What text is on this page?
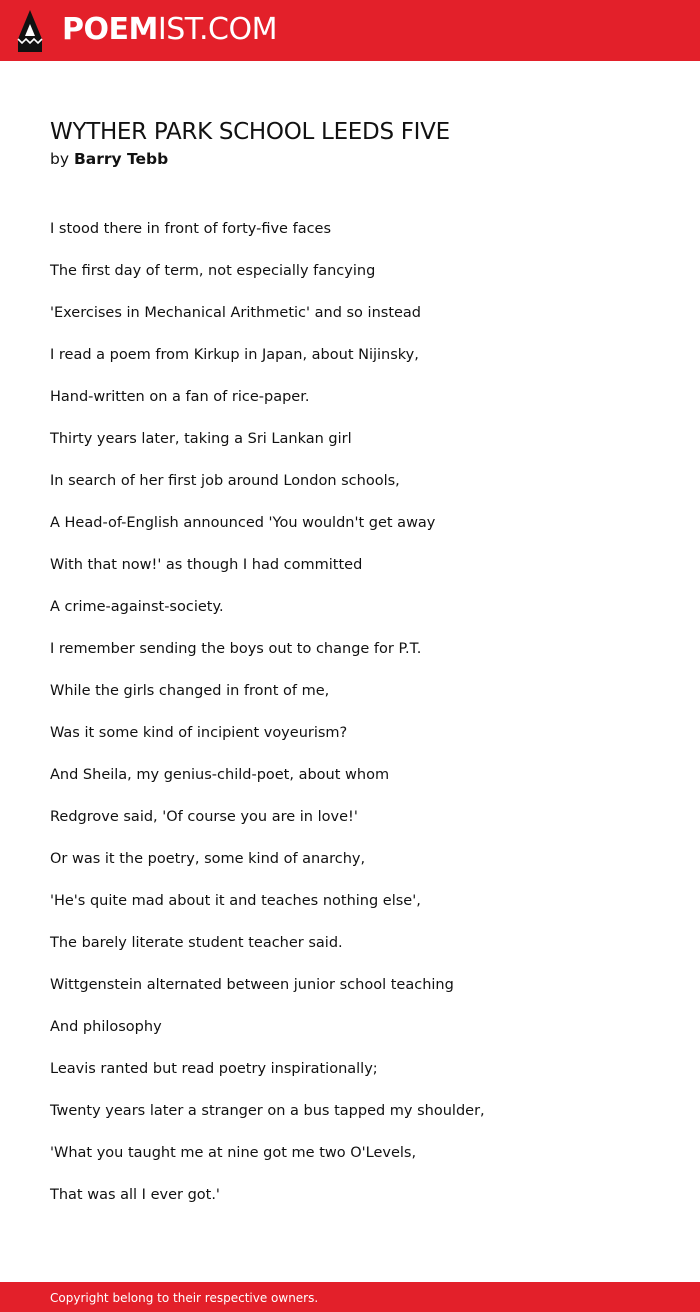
POEMIST.COM
WYTHER PARK SCHOOL LEEDS FIVE
by Barry Tebb
I stood there in front of forty-five faces
The first day of term, not especially fancying
'Exercises in Mechanical Arithmetic' and so instead
I read a poem from Kirkup in Japan, about Nijinsky,
Hand-written on a fan of rice-paper.
Thirty years later, taking a Sri Lankan girl
In search of her first job around London schools,
A Head-of-English announced 'You wouldn't get away
With that now!' as though I had committed
A crime-against-society.
I remember sending the boys out to change for P.T.
While the girls changed in front of me,
Was it some kind of incipient voyeurism?
And Sheila, my genius-child-poet, about whom
Redgrove said, 'Of course you are in love!'
Or was it the poetry, some kind of anarchy,
'He's quite mad about it and teaches nothing else',
The barely literate student teacher said.
Wittgenstein alternated between junior school teaching
And philosophy
Leavis ranted but read poetry inspirationally;
Twenty years later a stranger on a bus tapped my shoulder,
'What you taught me at nine got me two O'Levels,
That was all I ever got.'
Copyright belong to their respective owners.
